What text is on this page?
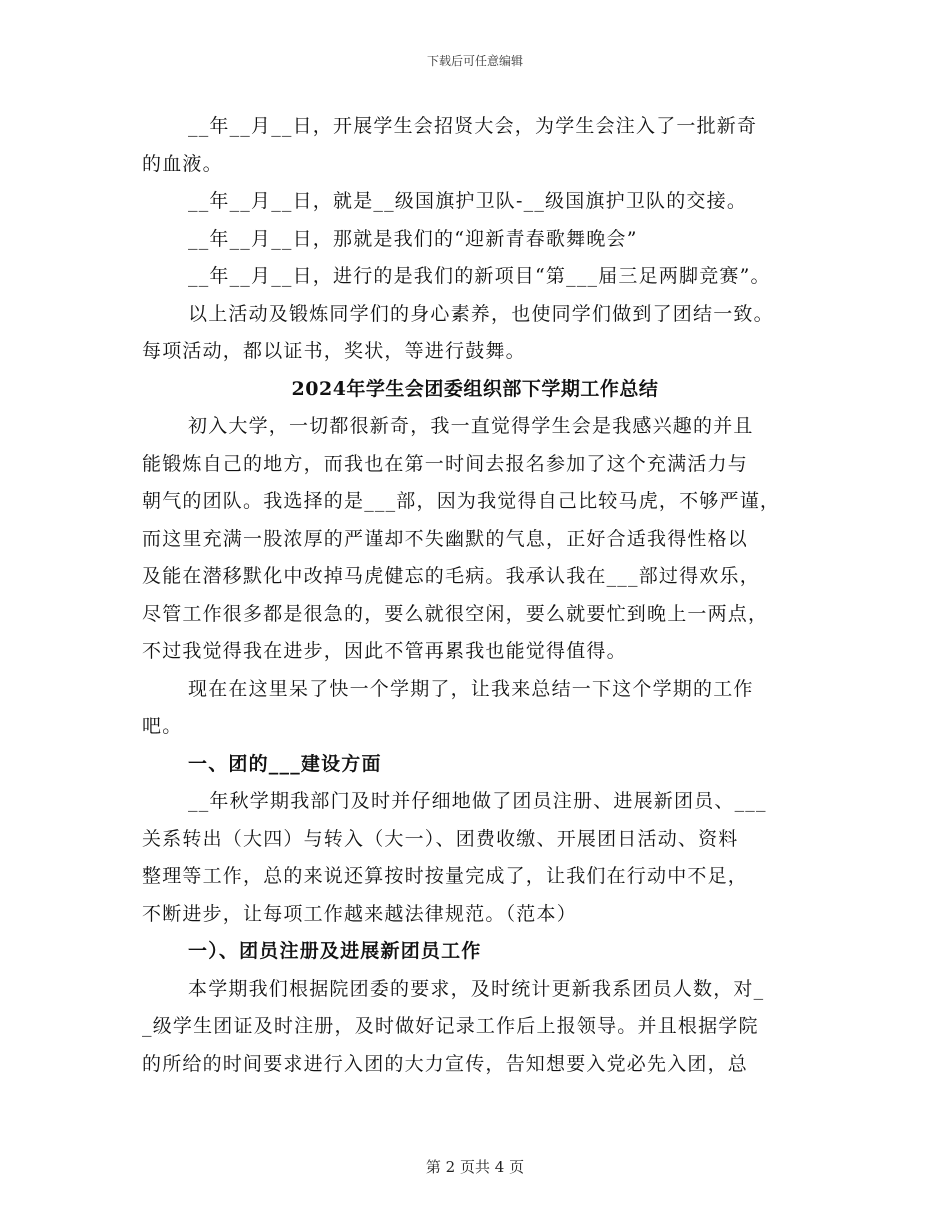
下载后可任意编辑

__年__月__日，开展学生会招贤大会，为学生会注入了一批新奇

的血液。

__年__月__日，就是__级国旗护卫队-__级国旗护卫队的交接。

__年__月__日，那就是我们的“迎新青春歌舞晚会”

__年__月__日，进行的是我们的新项目“第___届三足两脚竞赛”。

以上活动及锻炼同学们的身心素养，也使同学们做到了团结一致。

每项活动，都以证书，奖状，等进行鼓舞。

2024年学生会团委组织部下学期工作总结

初入大学，一切都很新奇，我一直觉得学生会是我感兴趣的并且

能锻炼自己的地方，而我也在第一时间去报名参加了这个充满活力与

朝气的团队。我选择的是___部，因为我觉得自己比较马虎，不够严谨，

而这里充满一股浓厚的严谨却不失幽默的气息，正好合适我得性格以

及能在潜移默化中改掉马虎健忘的毛病。我承认我在___部过得欢乐，

尽管工作很多都是很急的，要么就很空闲，要么就要忙到晚上一两点，

不过我觉得我在进步，因此不管再累我也能觉得值得。

现在在这里呆了快一个学期了，让我来总结一下这个学期的工作

吧。

一、团的___建设方面

__年秋学期我部门及时并仔细地做了团员注册、进展新团员、___

关系转出（大四）与转入（大一）、团费收缴、开展团日活动、资料

整理等工作，总的来说还算按时按量完成了，让我们在行动中不足，

不断进步，让每项工作越来越法律规范。（范本）

一）、团员注册及进展新团员工作

本学期我们根据院团委的要求，及时统计更新我系团员人数，对_

_级学生团证及时注册，及时做好记录工作后上报领导。并且根据学院

的所给的时间要求进行入团的大力宣传，告知想要入党必先入团，总

第 2 页共 4 页
